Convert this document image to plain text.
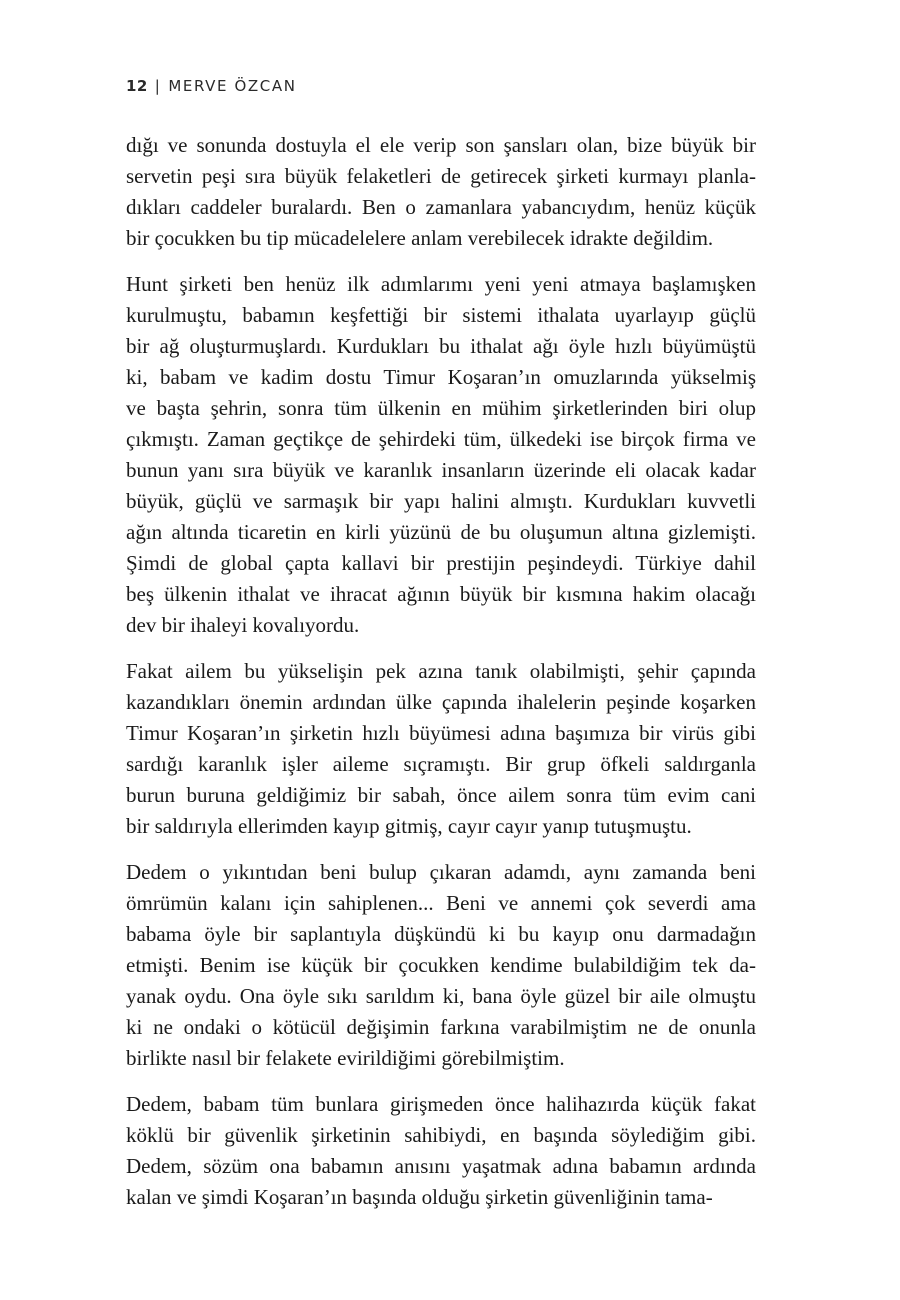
12 | MERVE ÖZCAN
dığı ve sonunda dostuyla el ele verip son şansları olan, bize büyük bir
servetin peşi sıra büyük felaketleri de getirecek şirketi kurmayı planla-
dıkları caddeler buralardı. Ben o zamanlara yabancıydım, henüz küçük
bir çocukken bu tip mücadelelere anlam verebilecek idrakte değildim.
Hunt şirketi ben henüz ilk adımlarımı yeni yeni atmaya başlamışken
kurulmuştu, babamın keşfettiği bir sistemi ithalata uyarlayıp güçlü
bir ağ oluşturmuşlardı. Kurdukları bu ithalat ağı öyle hızlı büyümüştü
ki, babam ve kadim dostu Timur Koşaran’ın omuzlarında yükselmiş
ve başta şehrin, sonra tüm ülkenin en mühim şirketlerinden biri olup
çıkmıştı. Zaman geçtikçe de şehirdeki tüm, ülkedeki ise birçok firma ve
bunun yanı sıra büyük ve karanlık insanların üzerinde eli olacak kadar
büyük, güçlü ve sarmaşık bir yapı halini almıştı. Kurdukları kuvvetli
ağın altında ticaretin en kirli yüzünü de bu oluşumun altına gizlemişti.
Şimdi de global çapta kallavi bir prestijin peşindeydi. Türkiye dahil
beş ülkenin ithalat ve ihracat ağının büyük bir kısmına hakim olacağı
dev bir ihaleyi kovalıyordu.
Fakat ailem bu yükselişin pek azına tanık olabilmişti, şehir çapında
kazandıkları önemin ardından ülke çapında ihalelerin peşinde koşarken
Timur Koşaran’ın şirketin hızlı büyümesi adına başımıza bir virüs gibi
sardığı karanlık işler aileme sıçramıştı. Bir grup öfkeli saldırganla
burun buruna geldiğimiz bir sabah, önce ailem sonra tüm evim cani
bir saldırıyla ellerimden kayıp gitmiş, cayır cayır yanıp tutuşmuştu.
Dedem o yıkıntıdan beni bulup çıkaran adamdı, aynı zamanda beni
ömrümün kalanı için sahiplenen... Beni ve annemi çok severdi ama
babama öyle bir saplantıyla düşkündü ki bu kayıp onu darmadağın
etmişti. Benim ise küçük bir çocukken kendime bulabildiğim tek da-
yanak oydu. Ona öyle sıkı sarıldım ki, bana öyle güzel bir aile olmuştu
ki ne ondaki o kötücül değişimin farkına varabilmiştim ne de onunla
birlikte nasıl bir felakete evirildiğimi görebilmiştim.
Dedem, babam tüm bunlara girişmeden önce halihazırda küçük fakat
köklü bir güvenlik şirketinin sahibiydi, en başında söylediğim gibi.
Dedem, sözüm ona babamın anısını yaşatmak adına babamın ardında
kalan ve şimdi Koşaran’ın başında olduğu şirketin güvenliğinin tama-
